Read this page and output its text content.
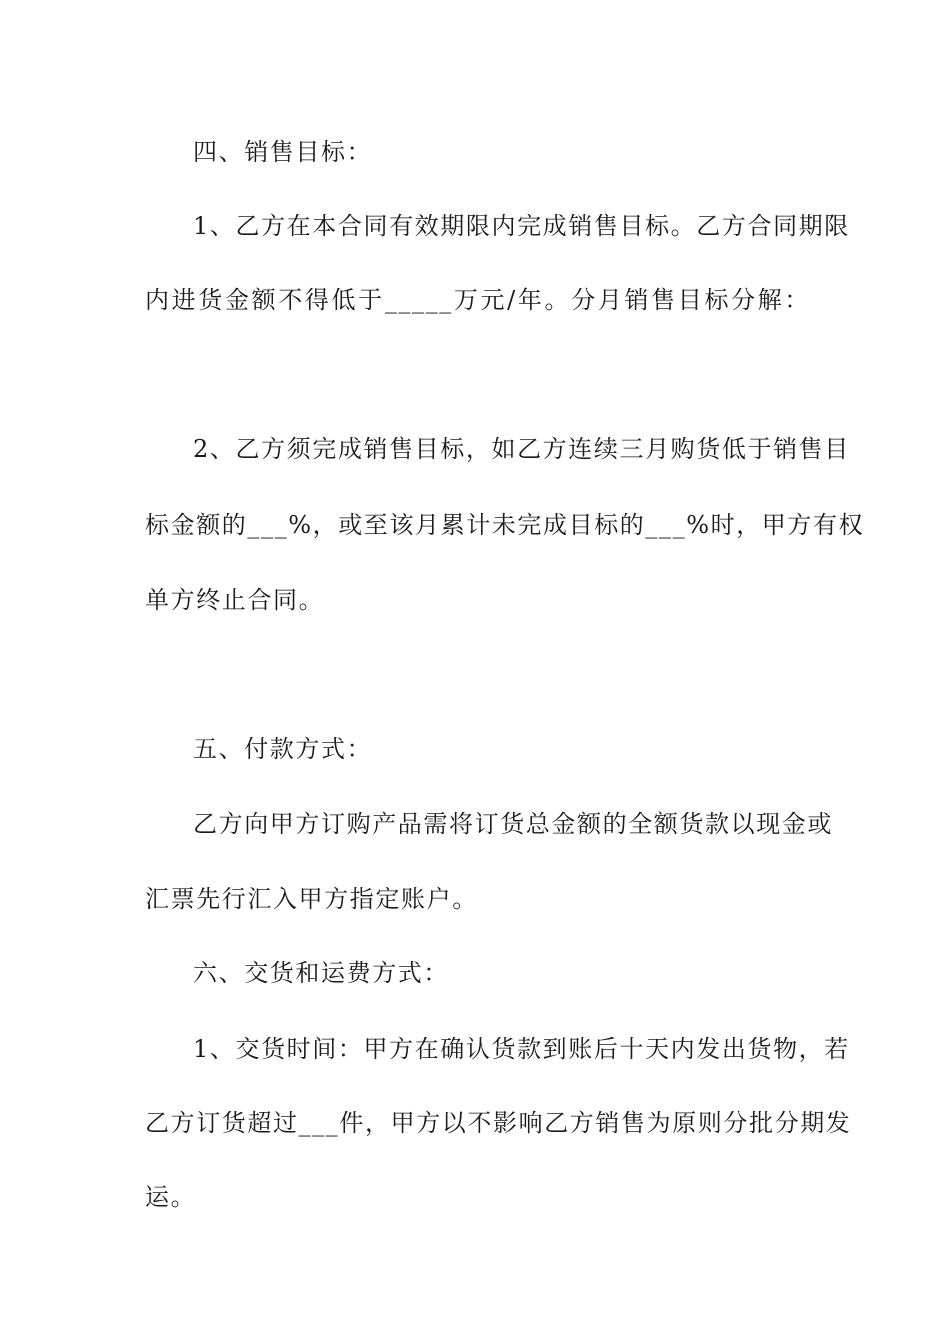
四、销售目标：
1、乙方在本合同有效期限内完成销售目标。乙方合同期限
内进货金额不得低于_____万元/年。分月销售目标分解：
2、乙方须完成销售目标，如乙方连续三月购货低于销售目
标金额的___%，或至该月累计未完成目标的___%时，甲方有权
单方终止合同。
五、付款方式：
乙方向甲方订购产品需将订货总金额的全额货款以现金或
汇票先行汇入甲方指定账户。
六、交货和运费方式：
1、交货时间：甲方在确认货款到账后十天内发出货物，若
乙方订货超过___件，甲方以不影响乙方销售为原则分批分期发
运。
